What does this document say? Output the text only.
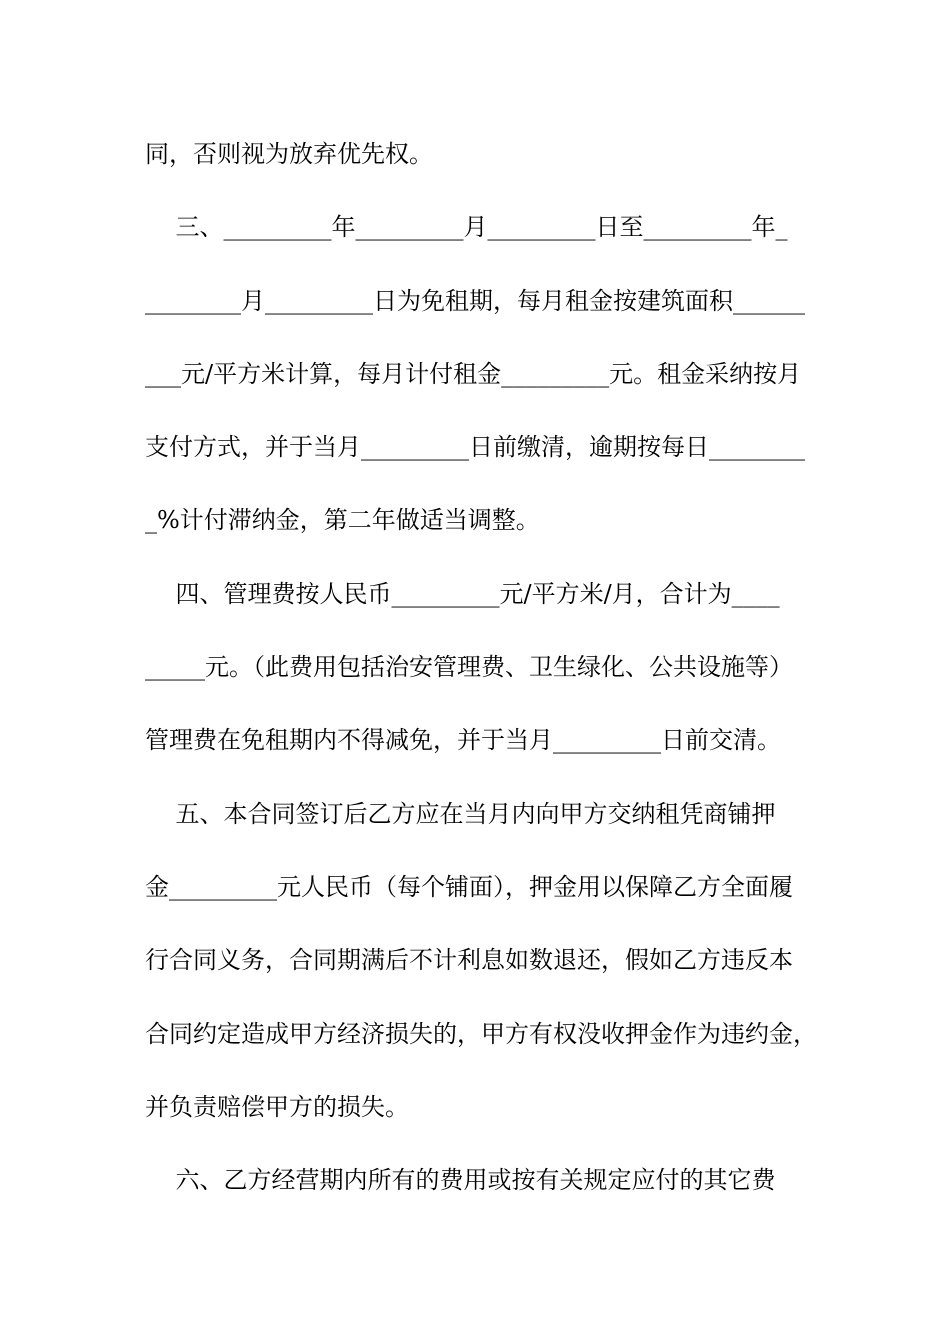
同，否则视为放弃优先权。
三、_________年_________月_________日至_________年_
________月_________日为免租期，每月租金按建筑面积______
___元/平方米计算，每月计付租金_________元。租金采纳按月
支付方式，并于当月_________日前缴清，逾期按每日________
_%计付滞纳金，第二年做适当调整。
四、管理费按人民币_________元/平方米/月，合计为____
_____元。（此费用包括治安管理费、卫生绿化、公共设施等）
管理费在免租期内不得减免，并于当月_________日前交清。
五、本合同签订后乙方应在当月内向甲方交纳租凭商铺押
金_________元人民币（每个铺面），押金用以保障乙方全面履
行合同义务，合同期满后不计利息如数退还，假如乙方违反本
合同约定造成甲方经济损失的，甲方有权没收押金作为违约金，
并负责赔偿甲方的损失。
六、乙方经营期内所有的费用或按有关规定应付的其它费
